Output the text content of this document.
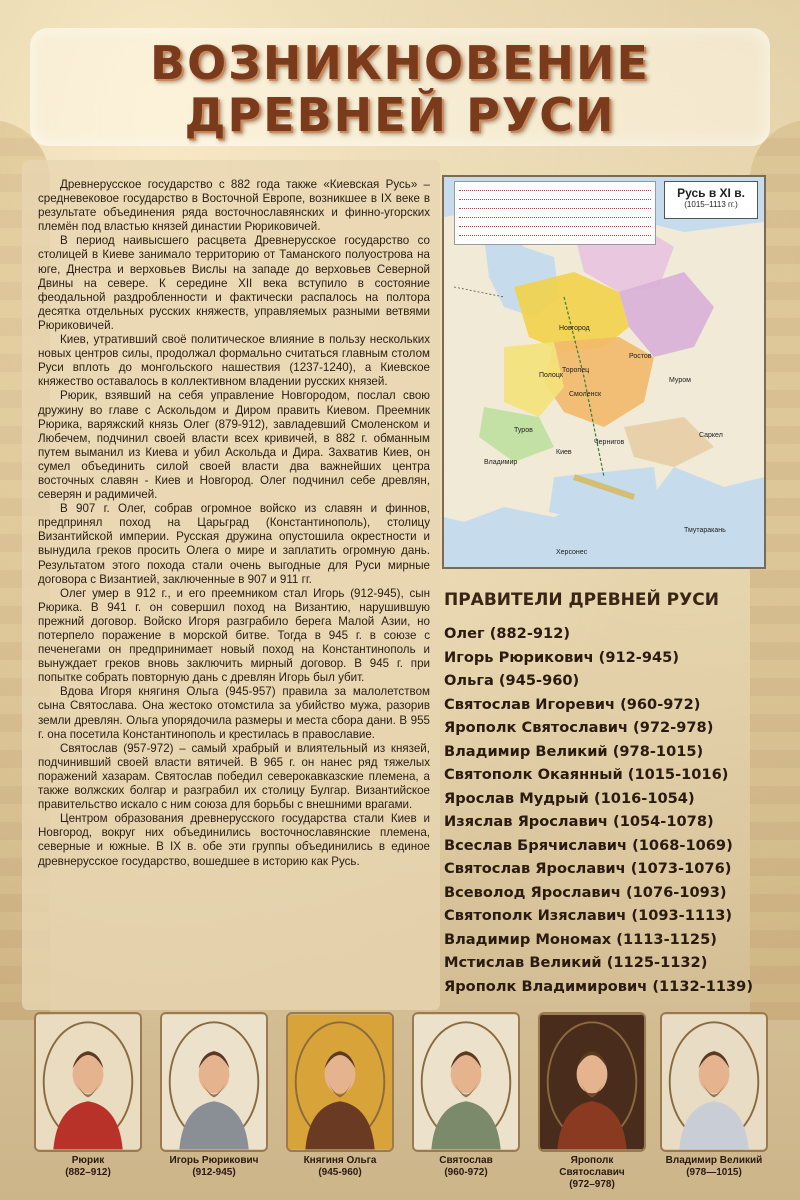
ВОЗНИКНОВЕНИЕ
ДРЕВНЕЙ РУСИ

Древнерусское государство с 882 года также «Киевская Русь» – средневековое государство в Восточной Европе, возникшее в IX веке в результате объединения ряда восточнославянских и финно-угорских племён под властью князей династии Рюриковичей.

В период наивысшего расцвета Древнерусское государство со столицей в Киеве занимало территорию от Таманского полуострова на юге, Днестра и верховьев Вислы на западе до верховьев Северной Двины на севере. К середине XII века вступило в состояние феодальной раздробленности и фактически распалось на полтора десятка отдельных русских княжеств, управляемых разными ветвями Рюриковичей.

Киев, утративший своё политическое влияние в пользу нескольких новых центров силы, продолжал формально считаться главным столом Руси вплоть до монгольского нашествия (1237-1240), а Киевское княжество оставалось в коллективном владении русских князей.

Рюрик, взявший на себя управление Новгородом, послал свою дружину во главе с Аскольдом и Диром править Киевом. Преемник Рюрика, варяжский князь Олег (879-912), завладевший Смоленском и Любечем, подчинил своей власти всех кривичей, в 882 г. обманным путем выманил из Киева и убил Аскольда и Дира. Захватив Киев, он сумел объединить силой своей власти два важнейших центра восточных славян - Киев и Новгород. Олег подчинил себе древлян, северян и радимичей.

В 907 г. Олег, собрав огромное войско из славян и финнов, предпринял поход на Царьград (Константинополь), столицу Византийской империи. Русская дружина опустошила окрестности и вынудила греков просить Олега о мире и заплатить огромную дань. Результатом этого похода стали очень выгодные для Руси мирные договора с Византией, заключенные в 907 и 911 гг.

Олег умер в 912 г., и его преемником стал Игорь (912-945), сын Рюрика. В 941 г. он совершил поход на Византию, нарушившую прежний договор. Войско Игоря разграбило берега Малой Азии, но потерпело поражение в морской битве. Тогда в 945 г. в союзе с печенегами он предпринимает новый поход на Константинополь и вынуждает греков вновь заключить мирный договор. В 945 г. при попытке собрать повторную дань с древлян Игорь был убит.

Вдова Игоря княгиня Ольга (945-957) правила за малолетством сына Святослава. Она жестоко отомстила за убийство мужа, разорив земли древлян. Ольга упорядочила размеры и места сбора дани. В 955 г. она посетила Константинополь и крестилась в православие.

Святослав (957-972) – самый храбрый и влиятельный из князей, подчинивший своей власти вятичей. В 965 г. он нанес ряд тяжелых поражений хазарам. Святослав победил северокавказские племена, а также волжских болгар и разграбил их столицу Булгар. Византийское правительство искало с ним союза для борьбы с внешними врагами.

Центром образования древнерусского государства стали Киев и Новгород, вокруг них объединились восточнославянские племена, северные и южные. В IX в. обе эти группы объединились в единое древнерусское государство, вошедшее в историю как Русь.

Русь в XI в.
(1015–1113 гг.)
Новгород
Полоцк
Смоленск
Киев
Чернигов
Муром
Ростов
Туров
Владимир
Херсонес
Тмутаракань
Саркел
Торопец
ПРАВИТЕЛИ ДРЕВНЕЙ РУСИ
Олег (882-912)
Игорь Рюрикович (912-945)
Ольга (945-960)
Святослав Игоревич (960-972)
Ярополк Святославич (972-978)
Владимир Великий (978-1015)
Святополк Окаянный (1015-1016)
Ярослав Мудрый (1016-1054)
Изяслав Ярославич (1054-1078)
Всеслав Брячиславич (1068-1069)
Святослав Ярославич (1073-1076)
Всеволод Ярославич (1076-1093)
Святополк Изяславич (1093-1113)
Владимир Мономах (1113-1125)
Мстислав Великий (1125-1132)
Ярополк Владимирович (1132-1139)
Рюрик
(882–912)
Игорь Рюрикович
(912-945)
Княгиня Ольга
(945-960)
Святослав
(960-972)
Ярополк Святославич
(972–978)
Владимир Великий
(978—1015)
